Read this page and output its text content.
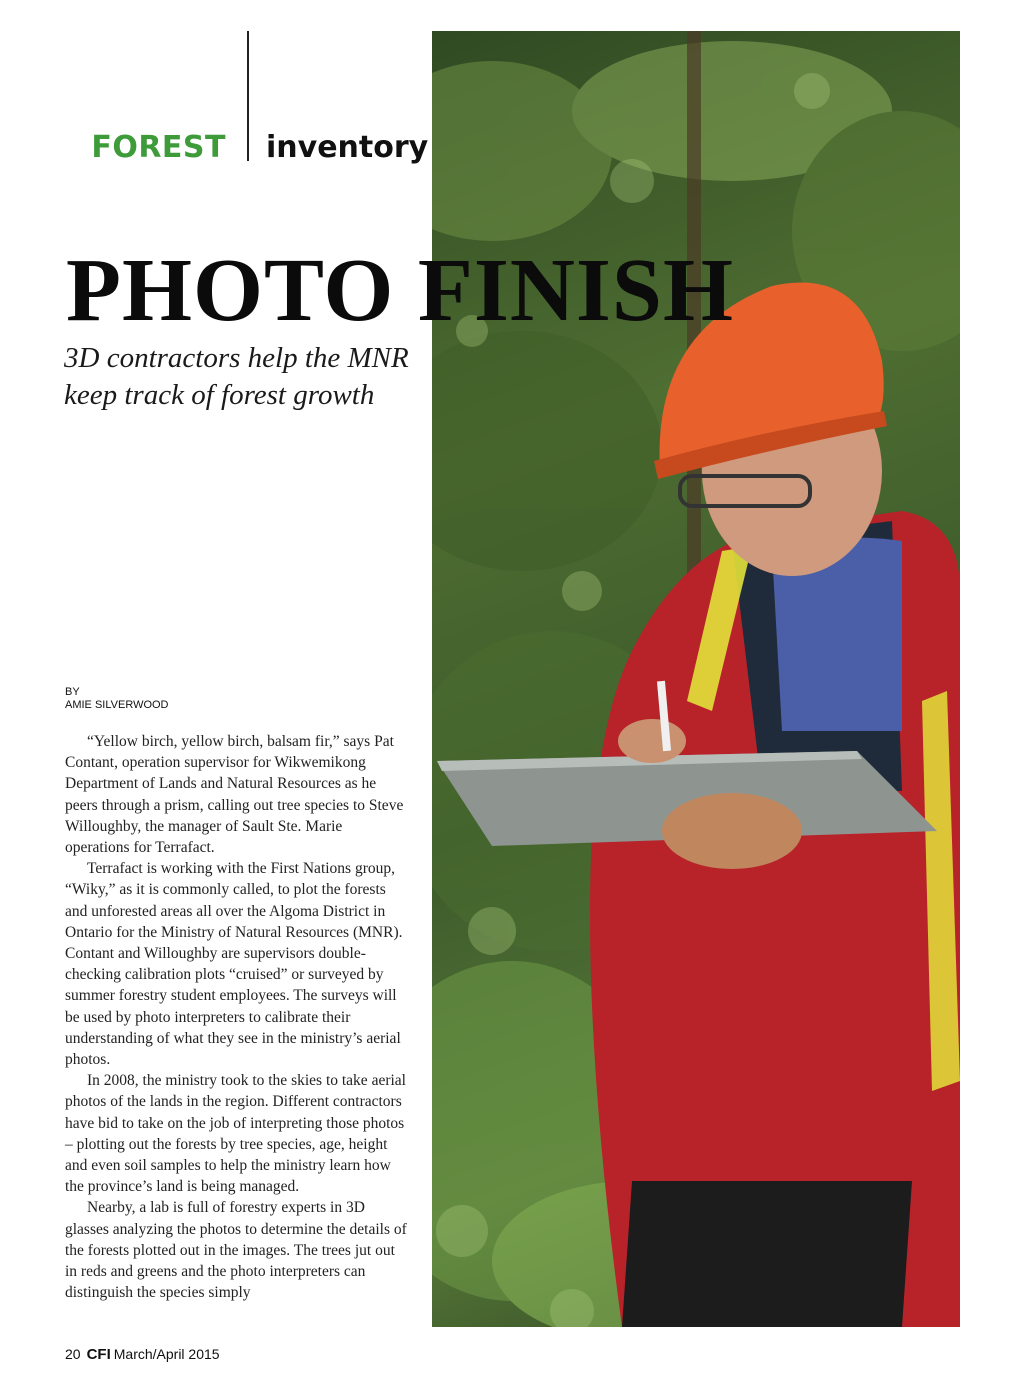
FOREST inventory
PHOTO FINISH
3D contractors help the MNR keep track of forest growth
BY
AMIE SILVERWOOD

“Yellow birch, yellow birch, balsam fir,” says Pat Contant, operation supervisor for Wikwemikong Department of Lands and Natural Resources as he peers through a prism, calling out tree species to Steve Willoughby, the manager of Sault Ste. Marie operations for Terrafact.

Terrafact is working with the First Nations group, “Wiky,” as it is commonly called, to plot the forests and unforested areas all over the Algoma District in Ontario for the Ministry of Natural Resources (MNR). Contant and Willoughby are supervisors double-checking calibration plots “cruised” or surveyed by summer forestry student employees. The surveys will be used by photo interpreters to calibrate their understanding of what they see in the ministry’s aerial photos.

In 2008, the ministry took to the skies to take aerial photos of the lands in the region. Different contractors have bid to take on the job of interpreting those photos – plotting out the forests by tree species, age, height and even soil samples to help the ministry learn how the province’s land is being managed.

Nearby, a lab is full of forestry experts in 3D glasses analyzing the photos to determine the details of the forests plotted out in the images. The trees jut out in reds and greens and the photo interpreters can distinguish the species simply

20 CFI March/April 2015
